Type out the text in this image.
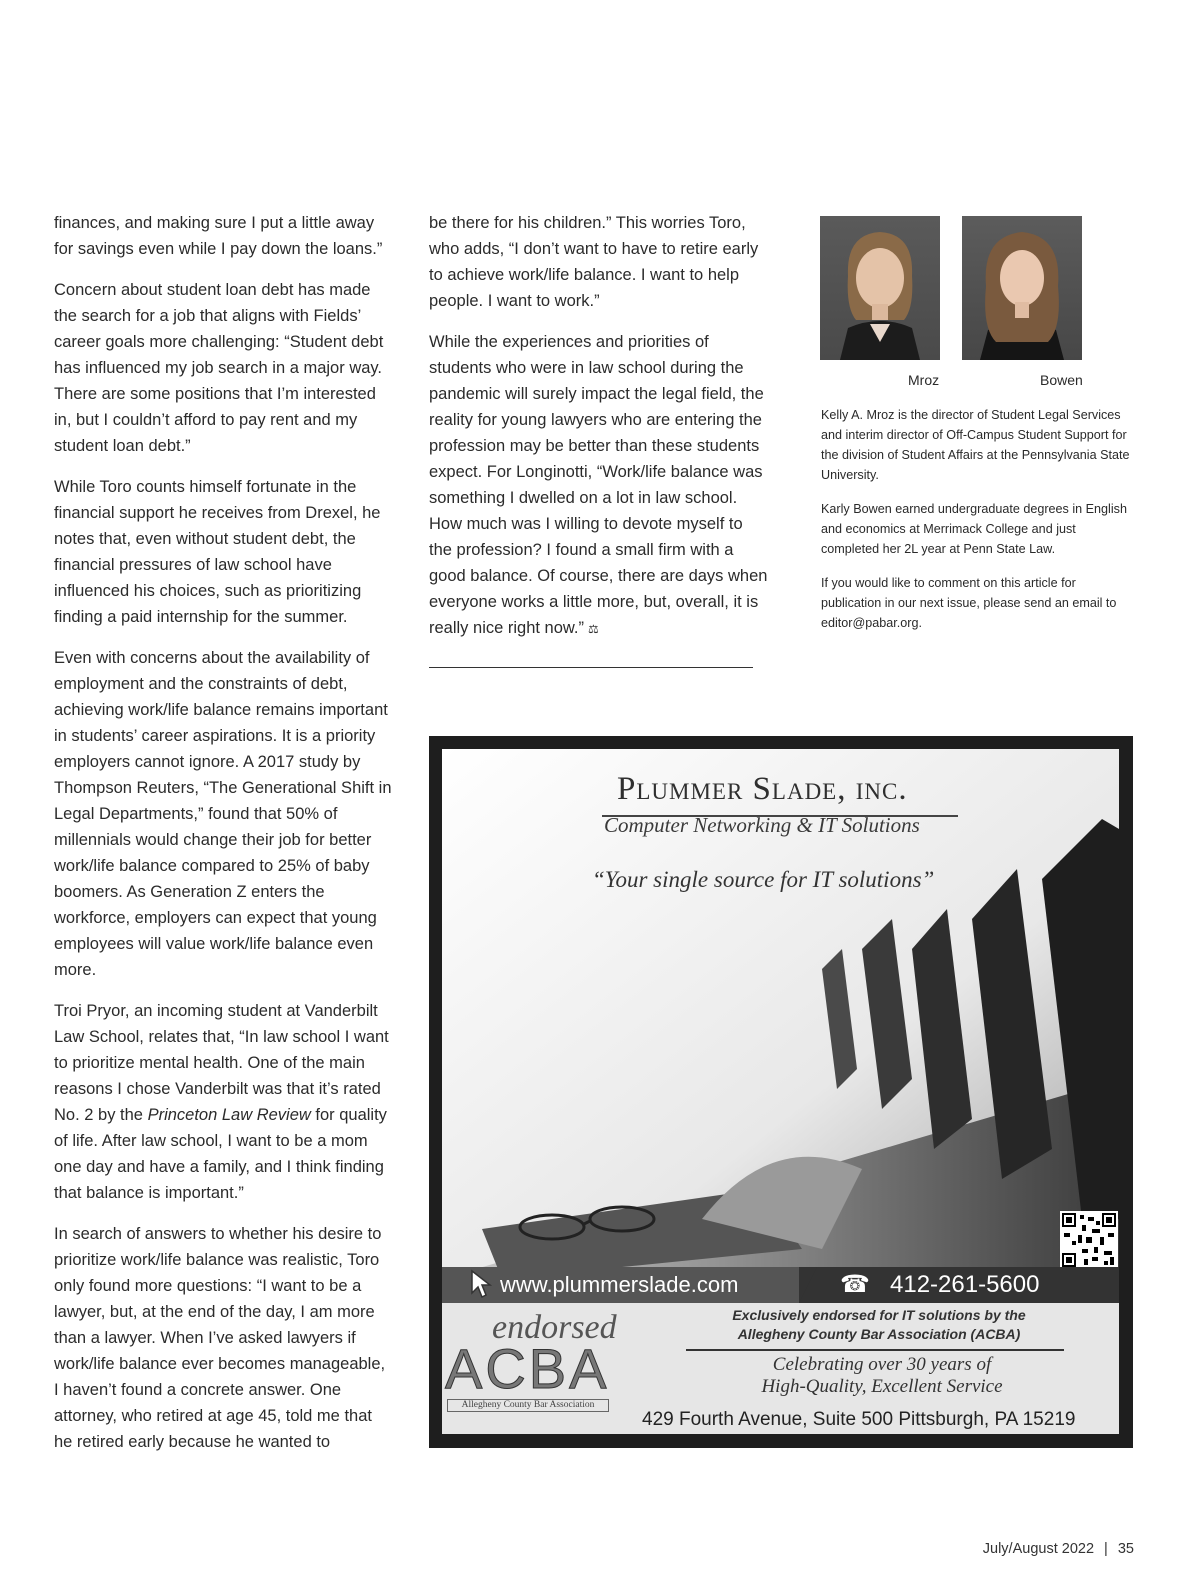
finances, and making sure I put a little away for savings even while I pay down the loans.”

Concern about student loan debt has made the search for a job that aligns with Fields’ career goals more challenging: “Student debt has influenced my job search in a major way. There are some positions that I’m interested in, but I couldn’t afford to pay rent and my student loan debt.”

While Toro counts himself fortunate in the financial support he receives from Drexel, he notes that, even without student debt, the financial pressures of law school have influenced his choices, such as prioritizing finding a paid internship for the summer.

Even with concerns about the availability of employment and the constraints of debt, achieving work/life balance remains important in students’ career aspirations. It is a priority employers cannot ignore. A 2017 study by Thompson Reuters, “The Generational Shift in Legal Departments,” found that 50% of millennials would change their job for better work/life balance compared to 25% of baby boomers. As Generation Z enters the workforce, employers can expect that young employees will value work/life balance even more.

Troi Pryor, an incoming student at Vanderbilt Law School, relates that, “In law school I want to prioritize mental health. One of the main reasons I chose Vanderbilt was that it’s rated No. 2 by the Princeton Law Review for quality of life. After law school, I want to be a mom one day and have a family, and I think finding that balance is important.”

In search of answers to whether his desire to prioritize work/life balance was realistic, Toro only found more questions: “I want to be a lawyer, but, at the end of the day, I am more than a lawyer. When I’ve asked lawyers if work/life balance ever becomes manageable, I haven’t found a concrete answer. One attorney, who retired at age 45, told me that he retired early because he wanted to

be there for his children.” This worries Toro, who adds, “I don’t want to have to retire early to achieve work/life balance. I want to help people. I want to work.”

While the experiences and priorities of students who were in law school during the pandemic will surely impact the legal field, the reality for young lawyers who are entering the profession may be better than these students expect. For Longinotti, “Work/life balance was something I dwelled on a lot in law school. How much was I willing to devote myself to the profession? I found a small firm with a good balance. Of course, there are days when everyone works a little more, but, overall, it is really nice right now.” ⚖

Mroz	Bowen

Kelly A. Mroz is the director of Student Legal Services and interim director of Off-Campus Student Support for the division of Student Affairs at the Pennsylvania State University.

Karly Bowen earned undergraduate degrees in English and economics at Merrimack College and just completed her 2L year at Penn State Law.

If you would like to comment on this article for publication in our next issue, please send an email to editor@pabar.org.

Plummer Slade, inc.
Computer Networking & IT Solutions
“Your single source for IT solutions”
www.plummerslade.com	☎ 412-261-5600
endorsed
ACBA
Allegheny County Bar Association
Exclusively endorsed for IT solutions by the
Allegheny County Bar Association (ACBA)
Celebrating over 30 years of
High-Quality, Excellent Service
429 Fourth Avenue, Suite 500 Pittsburgh, PA 15219
July/August 2022 | 35
